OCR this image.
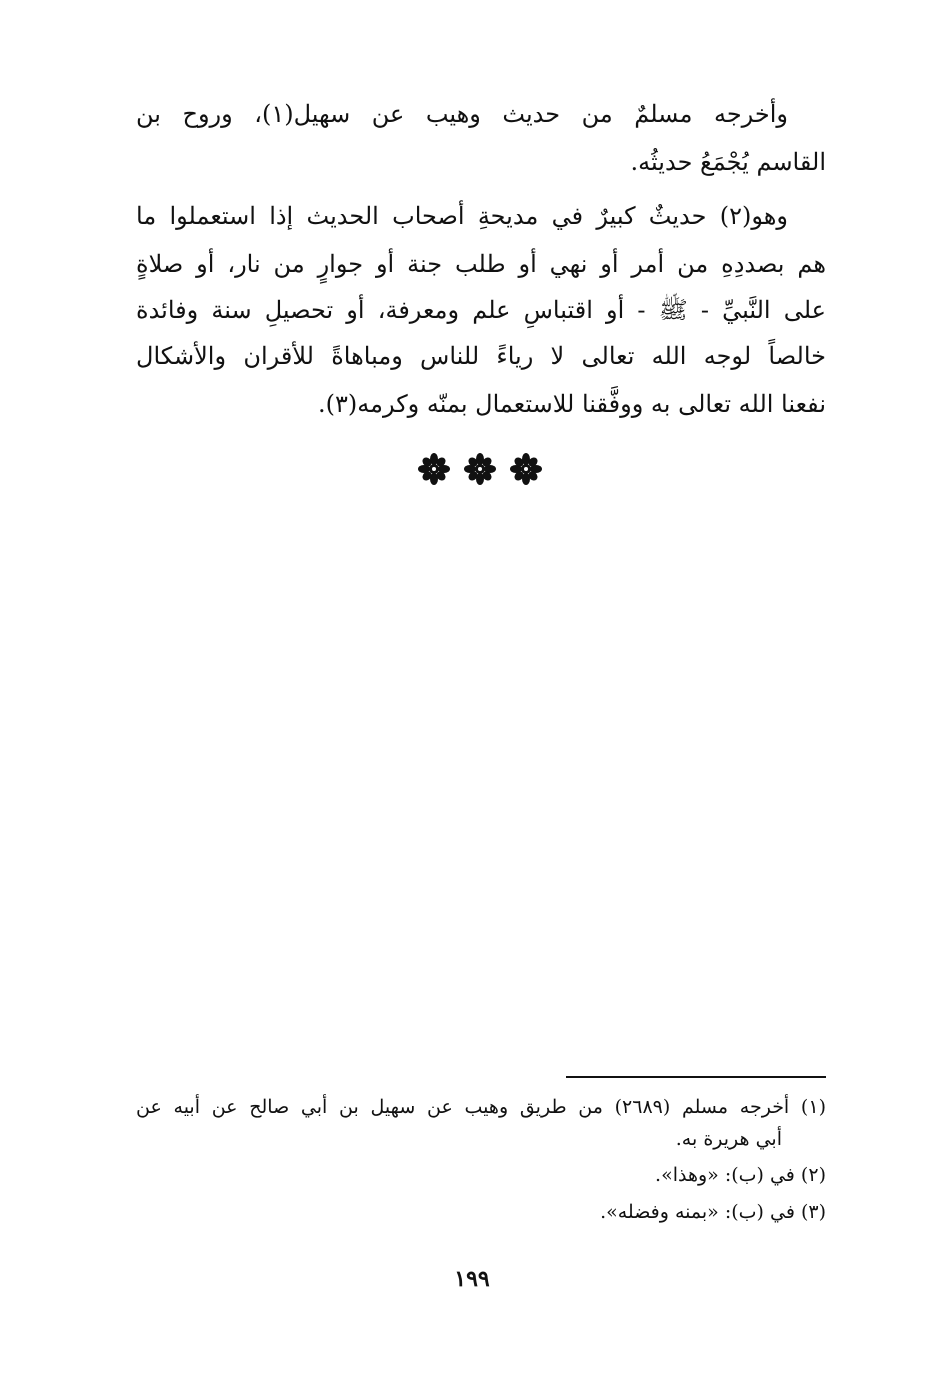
وأخرجه مسلمٌ من حديث وهيب عن سهيل(١)، وروح بن
القاسم يُجْمَعُ حديثُه.
وهو(٢) حديثٌ كبيرٌ في مديحةِ أصحاب الحديث إذا استعملوا ما
هم بصددِهِ من أمر أو نهي أو طلب جنة أو جوارٍ من نار، أو صلاةٍ
على النَّبيِّ - ﷺ - أو اقتباسِ علم ومعرفة، أو تحصيلِ سنة وفائدة
خالصاً لوجه الله تعالى لا رياءً للناس ومباهاةً للأقران والأشكال
نفعنا الله تعالى به ووفَّقنا للاستعمال بمنّه وكرمه(٣).
(١) أخرجه مسلم (٢٦٨٩) من طريق وهيب عن سهيل بن أبي صالح عن أبيه عن
أبي هريرة به.
(٢) في (ب): «وهذا».
(٣) في (ب): «بمنه وفضله».
١٩٩
